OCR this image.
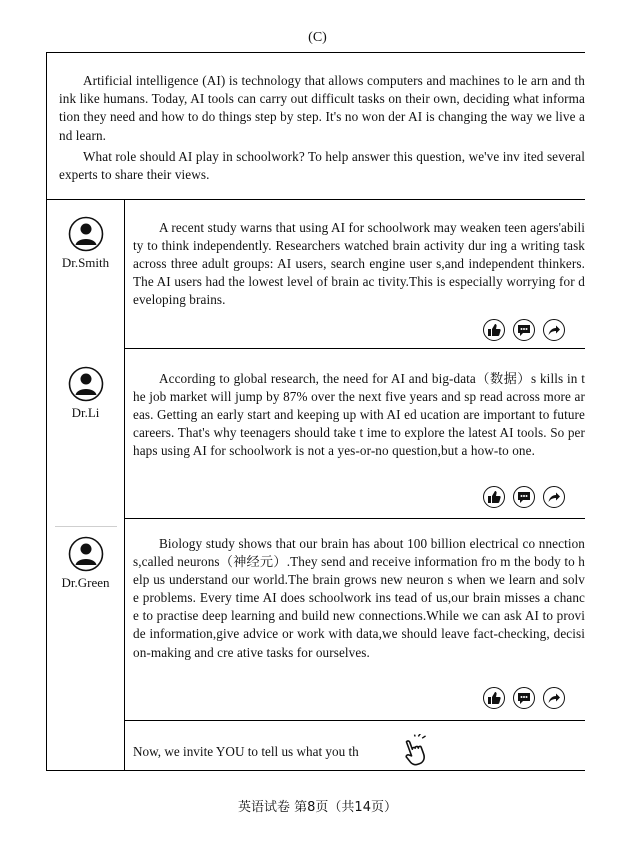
(C)

Artificial intelligence (AI) is technology that allows computers and machines to le arn and think like humans. Today, AI tools can carry out difficult tasks on their own, deciding what information they need and how to do things step by step. It's no won der AI is changing the way we live and learn.

What role should AI play in schoolwork? To help answer this question, we've inv ited several experts to share their views.

Dr.Smith
Dr.Li
Dr.Green

A recent study warns that using AI for schoolwork may weaken teen agers'ability to think independently. Researchers watched brain activity dur ing a writing task across three adult groups: AI users, search engine user s,and independent thinkers. The AI users had the lowest level of brain ac tivity.This is especially worrying for developing brains.

According to global research, the need for AI and big-data（数据）s kills in the job market will jump by 87% over the next five years and sp read across more areas. Getting an early start and keeping up with AI ed ucation are important to future careers. That's why teenagers should take t ime to explore the latest AI tools. So perhaps using AI for schoolwork is not a yes-or-no question,but a how-to one.

Biology study shows that our brain has about 100 billion electrical co nnections,called neurons（神经元）.They send and receive information fro m the body to help us understand our world.The brain grows new neuron s when we learn and solve problems. Every time AI does schoolwork ins tead of us,our brain misses a chance to practise deep learning and build new connections.While we can ask AI to provide information,give advice or work with data,we should leave fact-checking, decision-making and cre ative tasks for ourselves.

Now, we invite YOU to tell us what you th
英语试卷 第8页（共14页）
